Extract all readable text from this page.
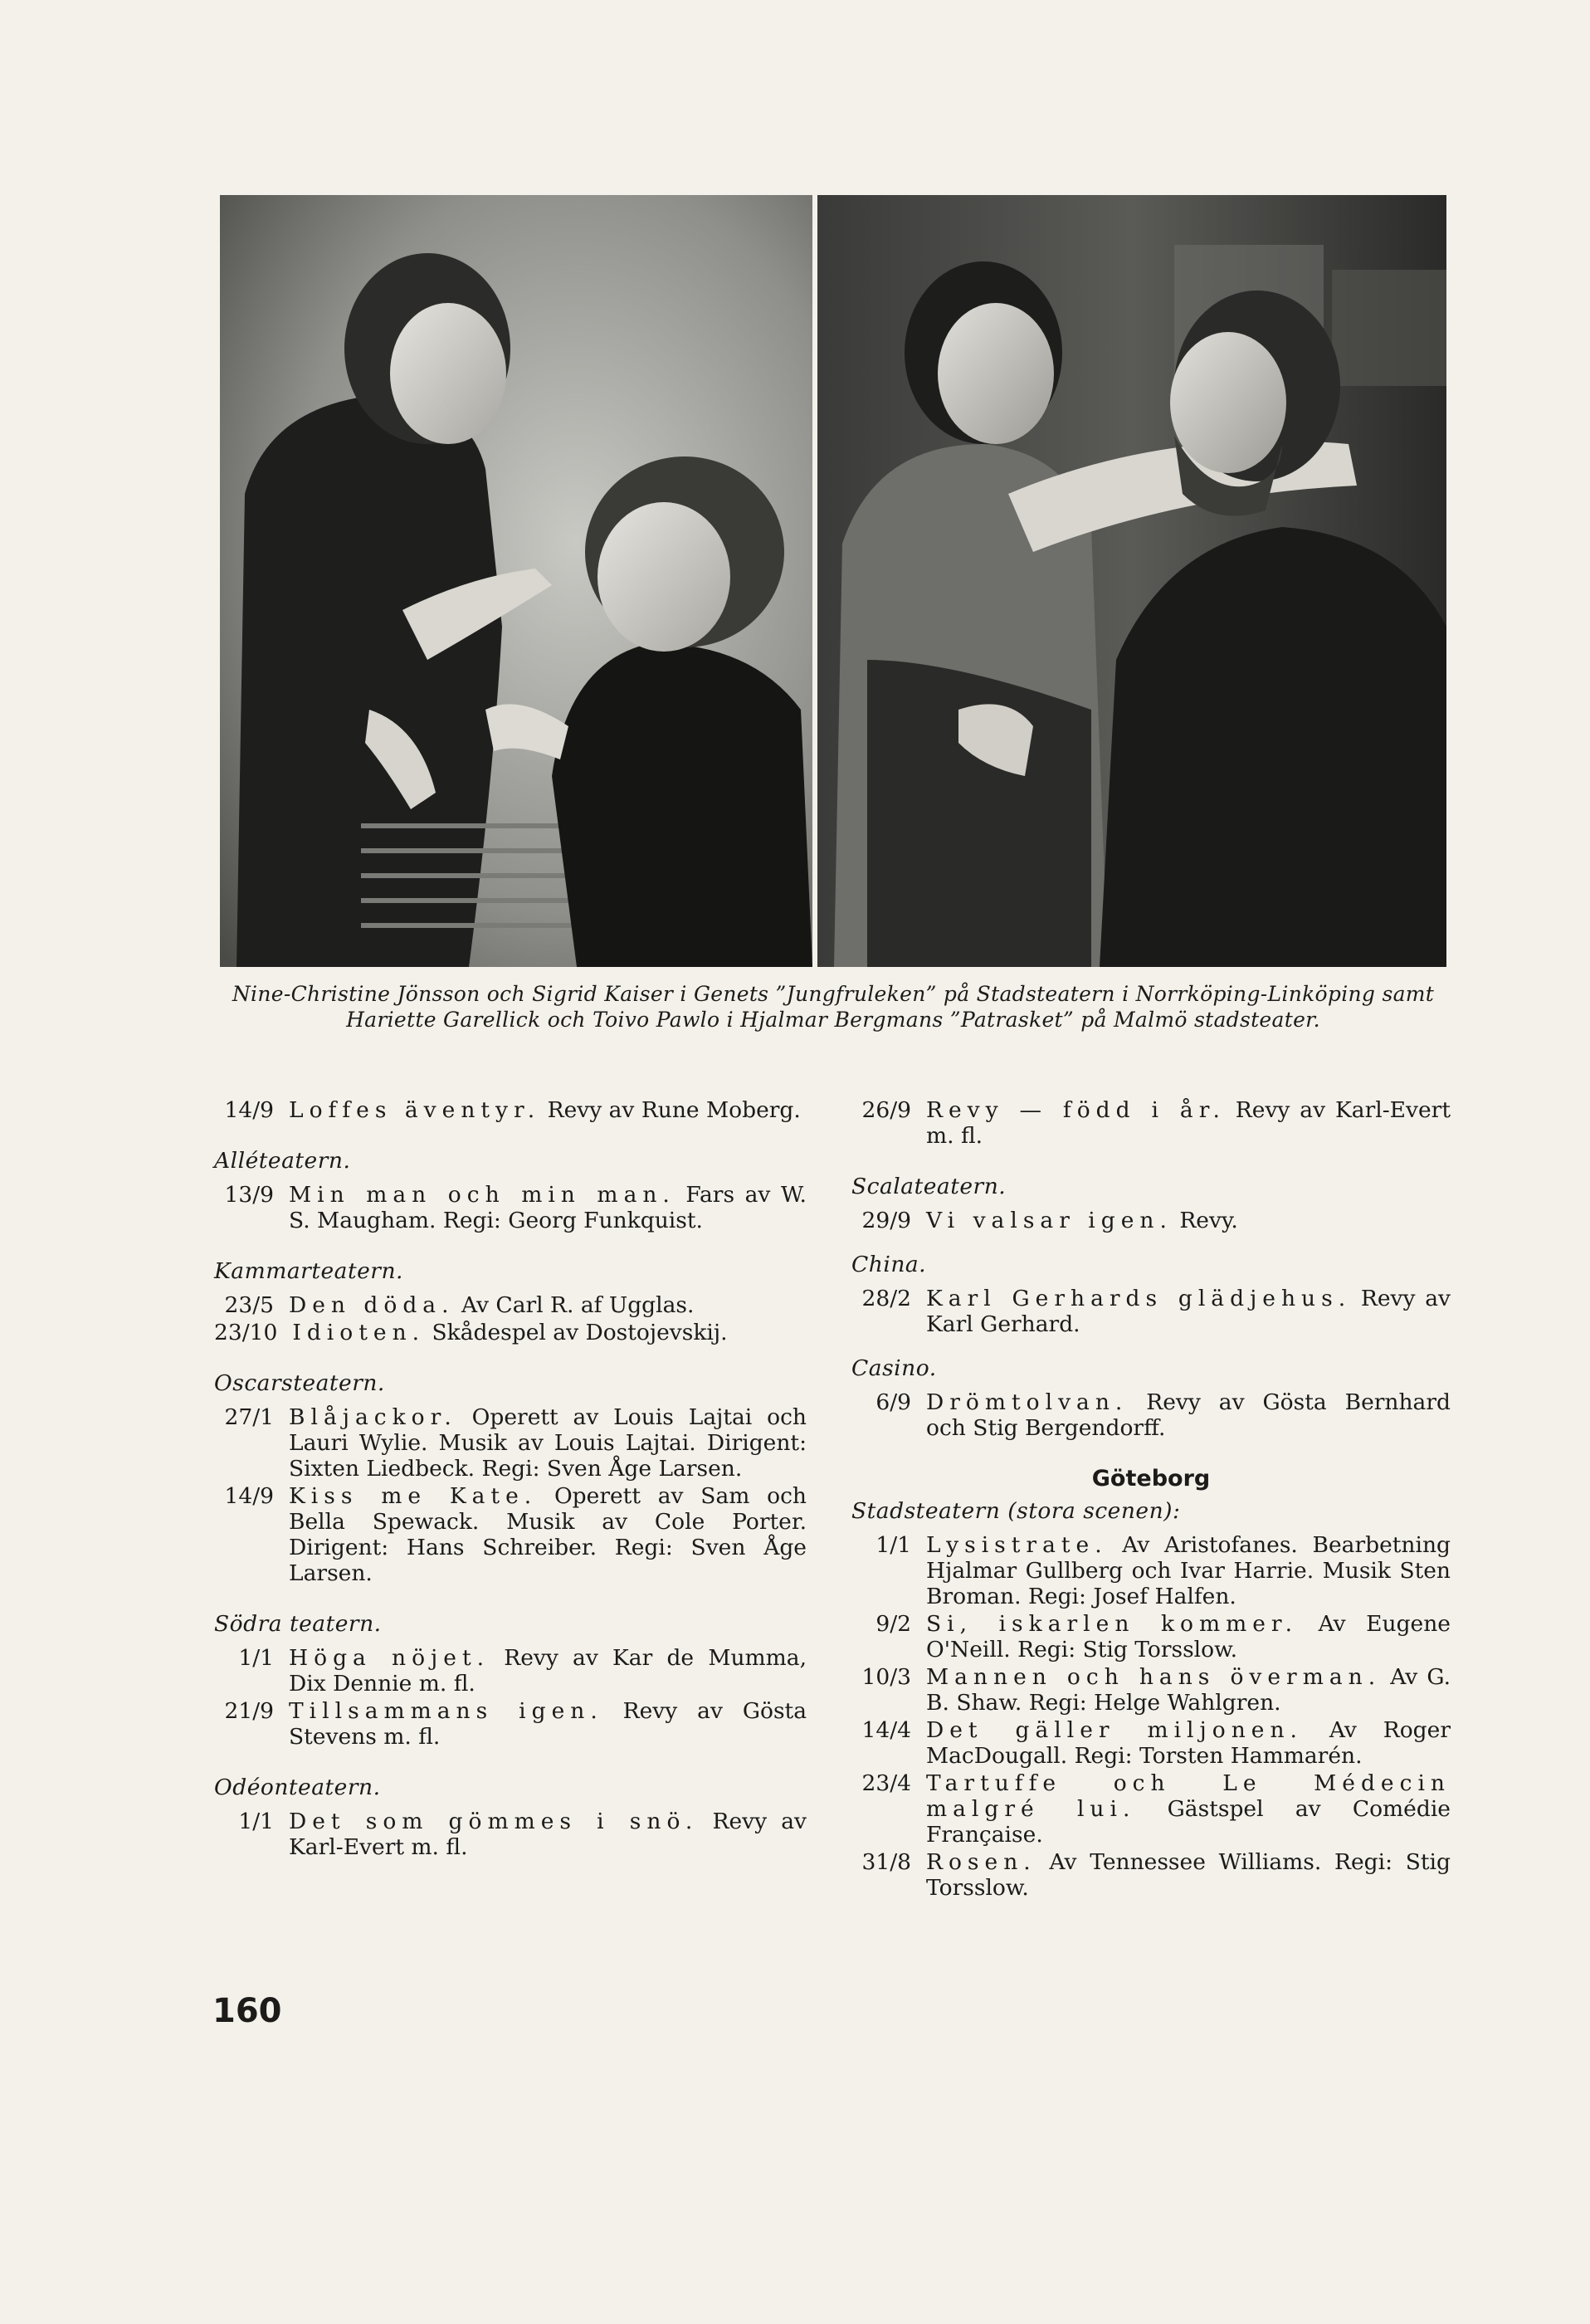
Nine-Christine Jönsson och Sigrid Kaiser i Genets ”Jungfruleken” på Stadsteatern i Norrköping-Linköping samt Hariette Garellick och Toivo Pawlo i Hjalmar Bergmans ”Patrasket” på Malmö stadsteater.
14/9 Loffes äventyr. Revy av Rune Moberg.
Alléteatern.
13/9 Min man och min man. Fars av W. S. Maugham. Regi: Georg Funkquist.
Kammarteatern.
23/5 Den döda. Av Carl R. af Ugglas.
23/10 Idioten. Skådespel av Dostojevskij.
Oscarsteatern.
27/1 Blåjackor. Operett av Louis Lajtai och Lauri Wylie. Musik av Louis Lajtai. Dirigent: Sixten Liedbeck. Regi: Sven Åge Larsen.
14/9 Kiss me Kate. Operett av Sam och Bella Spewack. Musik av Cole Porter. Dirigent: Hans Schreiber. Regi: Sven Åge Larsen.
Södra teatern.
1/1 Höga nöjet. Revy av Kar de Mumma, Dix Dennie m. fl.
21/9 Tillsammans igen. Revy av Gösta Stevens m. fl.
Odéonteatern.
1/1 Det som gömmes i snö. Revy av Karl-Evert m. fl.
26/9 Revy — född i år. Revy av Karl-Evert m. fl.
Scalateatern.
29/9 Vi valsar igen. Revy.
China.
28/2 Karl Gerhards glädjehus. Revy av Karl Gerhard.
Casino.
6/9 Drömtolvan. Revy av Gösta Bernhard och Stig Bergendorff.
Göteborg
Stadsteatern (stora scenen):
1/1 Lysistrate. Av Aristofanes. Bearbetning Hjalmar Gullberg och Ivar Harrie. Musik Sten Broman. Regi: Josef Halfen.
9/2 Si, iskarlen kommer. Av Eugene O'Neill. Regi: Stig Torsslow.
10/3 Mannen och hans överman. Av G. B. Shaw. Regi: Helge Wahlgren.
14/4 Det gäller miljonen. Av Roger MacDougall. Regi: Torsten Hammarén.
23/4 Tartuffe och Le Médecin malgré lui. Gästspel av Comédie Française.
31/8 Rosen. Av Tennessee Williams. Regi: Stig Torsslow.
160
